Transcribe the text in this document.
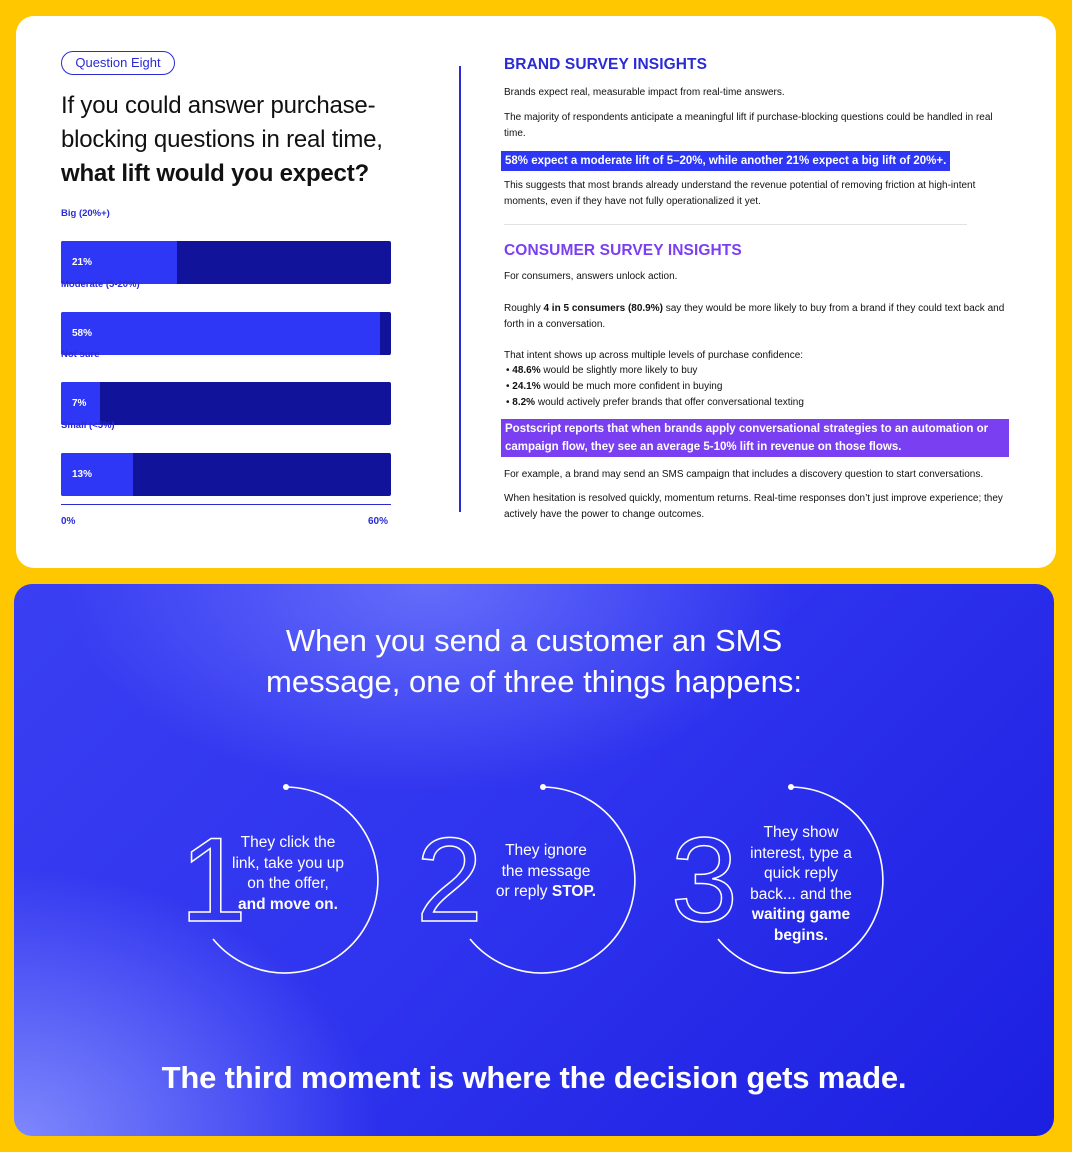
Question Eight
If you could answer purchase-
blocking questions in real time,
what lift would you expect?
Big (20%+)
21%
Moderate (5-20%)
58%
Not sure
7%
Small (<5%)
13%
0%	60%
BRAND SURVEY INSIGHTS
Brands expect real, measurable impact from real-time answers.
The majority of respondents anticipate a meaningful lift if purchase-blocking questions could be handled in real time.
58% expect a moderate lift of 5–20%, while another 21% expect a big lift of 20%+.
This suggests that most brands already understand the revenue potential of removing friction at high-intent moments, even if they have not fully operationalized it yet.
CONSUMER SURVEY INSIGHTS
For consumers, answers unlock action.
Roughly 4 in 5 consumers (80.9%) say they would be more likely to buy from a brand if they could text back and forth in a conversation.
That intent shows up across multiple levels of purchase confidence:
• 48.6% would be slightly more likely to buy
• 24.1% would be much more confident in buying
• 8.2% would actively prefer brands that offer conversational texting
Postscript reports that when brands apply conversational strategies to an automation or campaign flow, they see an average 5-10% lift in revenue on those flows.
For example, a brand may send an SMS campaign that includes a discovery question to start conversations.
When hesitation is resolved quickly, momentum returns. Real-time responses don’t just improve experience; they actively have the power to change outcomes.
When you send a customer an SMS
message, one of three things happens:
1 2 3
They click the link, take you up on the offer, and move on.
They ignore the message or reply STOP.
They show interest, type a quick reply back... and the waiting game begins.
The third moment is where the decision gets made.
